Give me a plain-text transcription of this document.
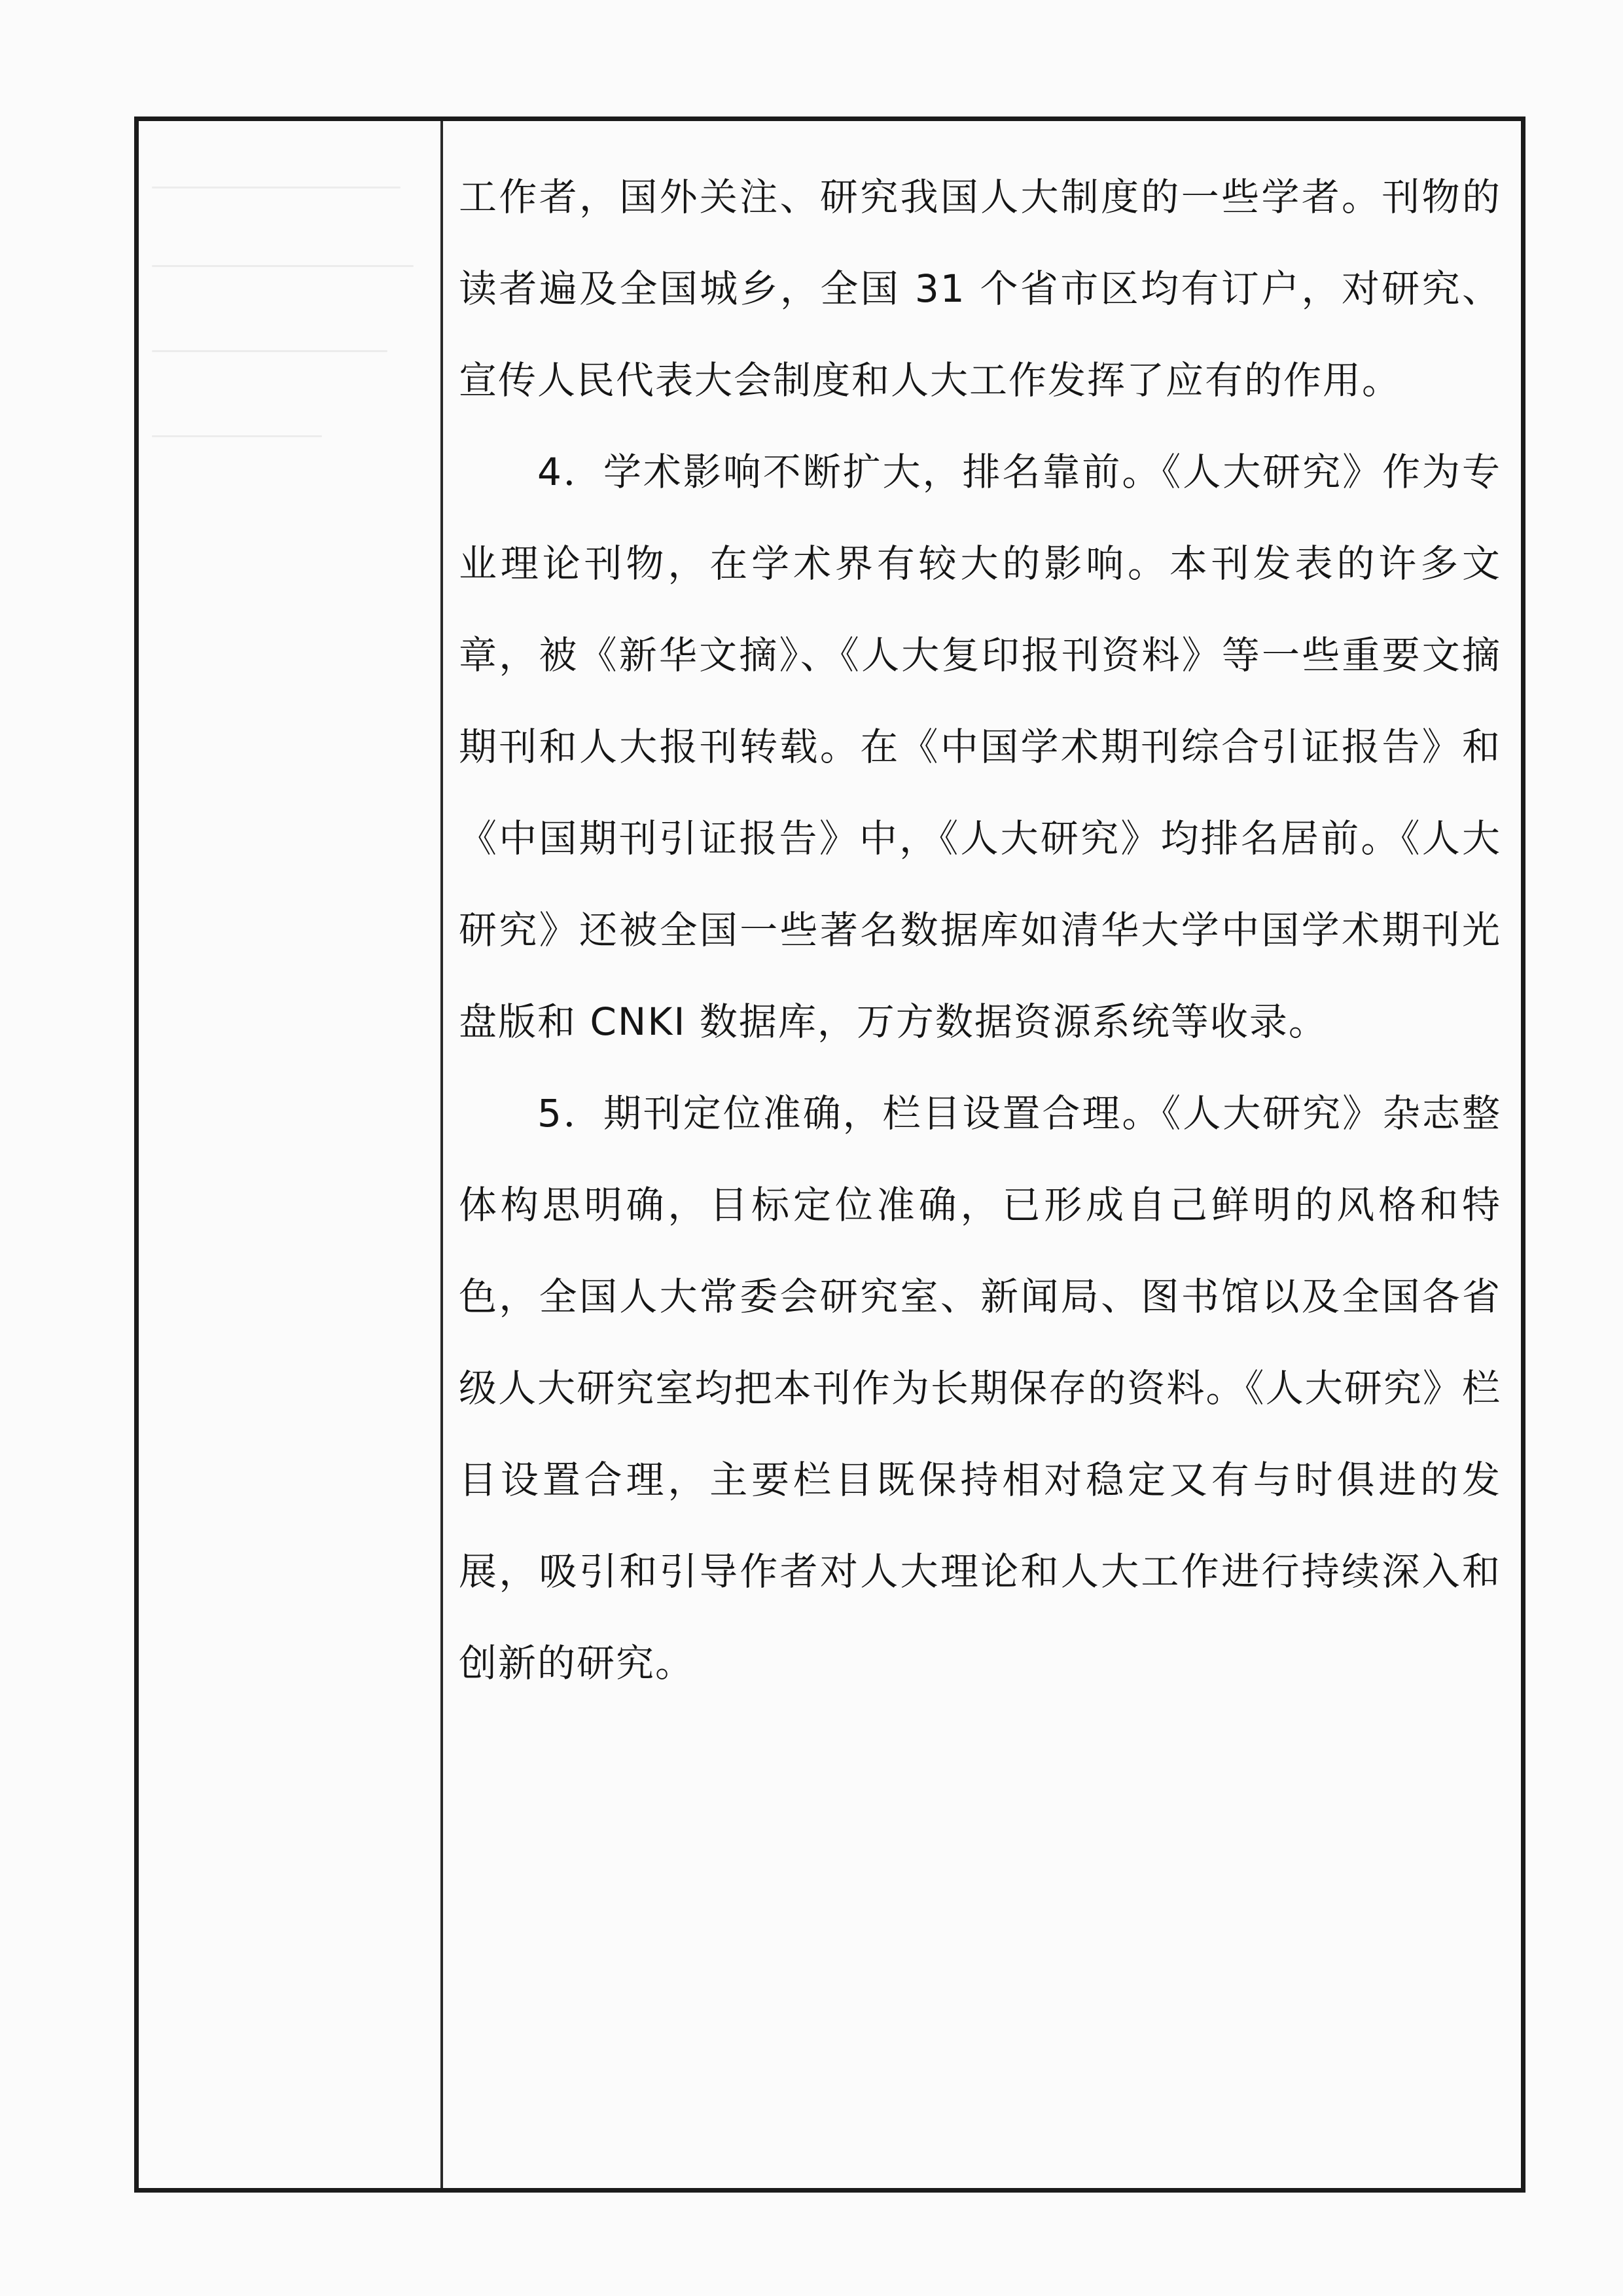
工作者，国外关注、研究我国人大制度的一些学者。刊物的读者遍及全国城乡，全国 31 个省市区均有订户，对研究、宣传人民代表大会制度和人大工作发挥了应有的作用。

4．学术影响不断扩大，排名靠前。《人大研究》作为专业理论刊物，在学术界有较大的影响。本刊发表的许多文章，被《新华文摘》、《人大复印报刊资料》等一些重要文摘期刊和人大报刊转载。在《中国学术期刊综合引证报告》和《中国期刊引证报告》中，《人大研究》均排名居前。《人大研究》还被全国一些著名数据库如清华大学中国学术期刊光盘版和 CNKI 数据库，万方数据资源系统等收录。

5．期刊定位准确，栏目设置合理。《人大研究》杂志整体构思明确，目标定位准确，已形成自己鲜明的风格和特色，全国人大常委会研究室、新闻局、图书馆以及全国各省级人大研究室均把本刊作为长期保存的资料。《人大研究》栏目设置合理，主要栏目既保持相对稳定又有与时俱进的发展，吸引和引导作者对人大理论和人大工作进行持续深入和创新的研究。
